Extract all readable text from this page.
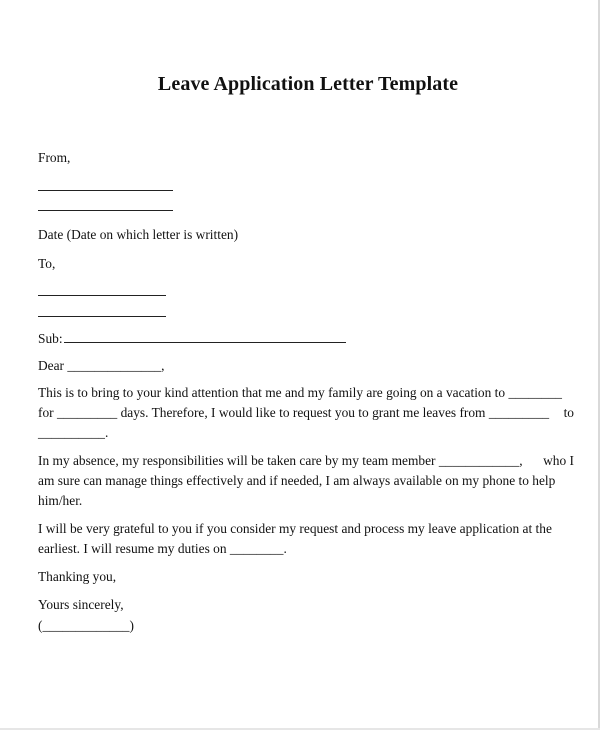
Leave Application Letter Template
From,
Date (Date on which letter is written)
To,
Sub:
Dear ______________,
This is to bring to your kind attention that me and my family are going on a vacation to ________
for _________ days. Therefore, I would like to request you to grant me leaves from _________ to
__________.
In my absence, my responsibilities will be taken care by my team member ____________, who I
am sure can manage things effectively and if needed, I am always available on my phone to help
him/her.
I will be very grateful to you if you consider my request and process my leave application at the
earliest. I will resume my duties on ________.
Thanking you,
Yours sincerely,
(_____________)
